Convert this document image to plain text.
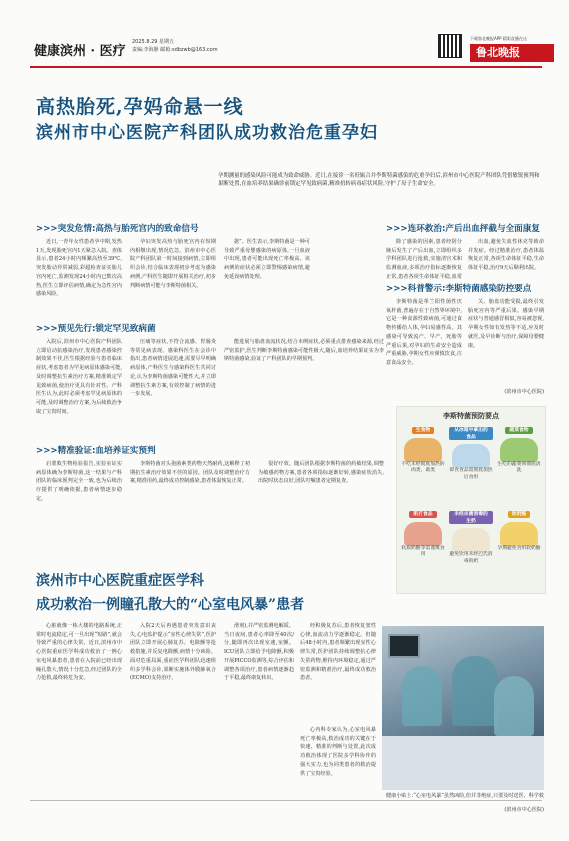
健康滨州 · 医疗
2025.8.29 星期五
责编:李海静 邮箱:sdbzwb@163.com
下载鲁北晚报APP 精彩直播在这
鲁北晚报
高热胎死,孕妈命悬一线
滨州市中心医院产科团队成功救治危重孕妇
孕期测量的感染风险可能成为致命威胁。近日,在接诊一名妊娠合并李斯特菌感染的危重孕妇后,滨州市中心医院产科团队凭借敏锐预判和果断处置,在血培养结果确诊前锁定罕见致病菌,精准扭转病毒症状风险,守护了母子生命安全。
>>>突发危情:高热与胎死宫内的致命信号
>>>预见先行:锁定罕见致病菌
>>>精准验证:血培养证实预判
>>>连环救治:产后出血抨截与全面康复
>>>科普警示:李斯特菌感染防控要点

近日,一青年女性患者孕中期,发热1天,发现胎死宫内1天紧急入院。查体显示,患者24小时内频繁高热至39℃,突发胎动异常减弱,彩超检查证实胎儿宫内死亡,监测发现24小时内已数次高热,医生立即评估病情,确定为急性宫内感染风险。

孕妇突发高热与胎死宫内在短期内相继出现,情况危急。滨州市中心医院产科团队第一时间接到病情,立即组织会诊,结合临床表现初步考虑为感染病例,产科医生随即开展相关治疗,初步判断病情可能与李斯特菌相关。

据”。医生表示,李斯特菌是一种可导致严重母婴感染的病原体,一旦血液中出现,患者可能出现死亡率极高。该病例的症状必须立即警惕感染病情,避免延误病情处理。

除了感染的因素,患者经阴分娩后发生了产后出血,立即组织多学科团队进行抢救,实施清宫术和监测血液,多项治疗指标逐渐恢复正常,患者各项生命体征平稳,血常

出血,避免失血性休克等致命并发症。经过精准治疗,患者体温恢复正常,各项生命体征平稳,生命体征平稳,治疗9天后顺利出院。

李斯特菌是革兰阳性菌性厌氧杆菌,普遍存在于自然界环境中,它是一种食源性致病菌,可通过食物传播给人体,孕妇易感性高。其感染可导致流产、早产、死胎等严重后果,对孕妇的生命安全造成严重威胁,孕期女性应谨慎饮食,注意食品安全。

关、胎盘功能受损,最终引发胎死宫内等严重后果。感染早期症状与普通感冒相似,容易被忽视,孕期女性如有发热等不适,应及时就医,及早诊断与治疗,保障母婴健康。

(滨州市中心医院)

入院后,滨州市中心医院产科团队立即启动抗感染治疗,发现患者感染控制效果不佳,医生根据经验与患者临床症状,考虑患者为罕见病原体感染可能,及时调整抗生素治疗方案,精准锁定罕见致病菌,使治疗更具有针对性。产科医生认为,此时必须考虑罕见病原体的可能,及时调整治疗方案,为后续救治争取了宝贵时间。

压痛等症状,不符合流感、胃肠炎等常见病表现。感染科医生在会诊中指出,患者病情进展迅速,需要尽早明确病原体,产科医生与感染科医生共同讨论,认为李斯特菌感染可能性大,并立即调整抗生素方案,有效控制了病情的进一步发展。

能进展与胎盘血流状况,结合本例症状,必须重点排查感染来源,经过严密监护,医生判断李斯特菌感染可能性极大,随后,血培养结果证实为李斯特菌感染,验证了产科团队的早期预判。

启蒙救生物检验报告,实验室证实病原体确为李斯特菌,这一结果与产科团队的临床预判完全一致,也为后续治疗提供了明确依据,患者病情逐步稳定。

李斯特菌对头孢菌素类药物天然耐药,这解释了初期抗生素治疗效果不佳的原因。团队及时调整治疗方案,精准用药,最终成功控制感染,患者体温恢复正常。

很好疗效。随后团队根据李斯特菌的药敏结果,调整为敏感药物方案,患者各项指标逐渐好转,感染症状消失,出院时状态良好,团队叮嘱患者定期复查。

李斯特菌预防要点
生食物
不吃未经彻底加热的肉类、禽类
从冰箱中拿出的食品
即食食品需彻底加热后食用
蔬菜食物
生吃的蔬菜须彻底清洗
肌打食品
软质奶酪等需谨慎食用
未经杀菌消毒的生奶
避免饮用未经巴氏消毒的奶
软奶酪
孕期避免食用软奶酪
滨州市中心医院重症医学科
成功救治一例瞳孔散大的“心室电风暴”患者

心脏就像一栋大楼的电路系统,正常时电流稳定,可一旦出现“短路”,就会导致严重的心律失常。近日,滨州市中心医院重症医学科成功救治了一例心室电风暴患者,患者在入院前已经出现瞳孔散大,情况十分危急,经过团队的全力抢救,最终转危为安。

入院2天后再遇患者突发意识丧失,心电监护提示“室性心律失常”,医护团队立即开展心肺复苏、电除颤等抢救措施,并反复电除颤,病情十分凶险。面对危重局面,重症医学科团队迅速组织多学科会诊,果断实施体外膜肺氧合(ECMO)支持治疗。

滑剂),并严密监测电解质。当日夜间,患者心率降至40次/分,随即再次出现室速,室颤。ICU团队立即给予电除颤,积极开展PICCO监测等,综合评估和调整各项治疗,患者病情逐渐趋于平稳,最终康复转出。

经积极复苏后,患者恢复窦性心律,血流动力学逐渐稳定。但随后48小时内,患者频繁出现室性心律失常,医护团队持续调整抗心律失常药物,维持内环境稳定,通过严密监测和精准治疗,最终成功救治患者。

心内科专家认为,心室电风暴死亡率极高,救治成功的关键在于快速、精准的判断与处置,此次成功救治体现了医院多学科协作的强大实力,也为同类患者的救治提供了宝贵经验。

健康小贴士:“心室电风暴”虽然凶险,但并非绝症,只要及时送医、科学救
(滨州市中心医院)
